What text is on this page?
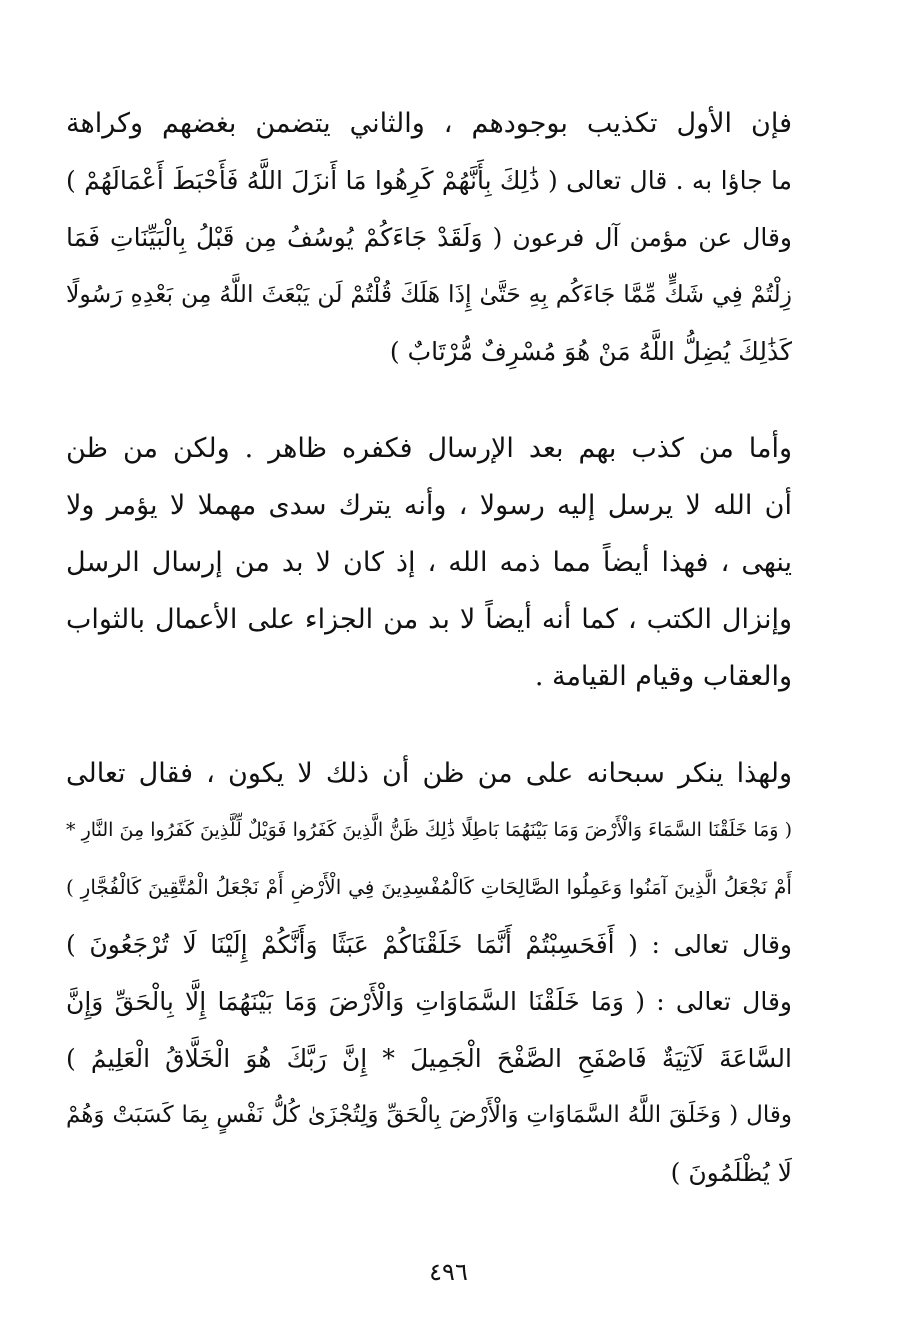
فإن الأول تكذيب بوجودهم ، والثاني يتضمن بغضهم وكراهة
ما جاؤا به . قال تعالى ( ذَٰلِكَ بِأَنَّهُمْ كَرِهُوا مَا أَنزَلَ اللَّهُ فَأَحْبَطَ أَعْمَالَهُمْ )
وقال عن مؤمن آل فرعون ( وَلَقَدْ جَاءَكُمْ يُوسُفُ مِن قَبْلُ بِالْبَيِّنَاتِ فَمَا
زِلْتُمْ فِي شَكٍّ مِّمَّا جَاءَكُم بِهِ حَتَّىٰ إِذَا هَلَكَ قُلْتُمْ لَن يَبْعَثَ اللَّهُ مِن بَعْدِهِ رَسُولًا
كَذَٰلِكَ يُضِلُّ اللَّهُ مَنْ هُوَ مُسْرِفٌ مُّرْتَابٌ )
وأما من كذب بهم بعد الإرسال فكفره ظاهر . ولكن من ظن
أن الله لا يرسل إليه رسولا ، وأنه يترك سدى مهملا لا يؤمر ولا
ينهى ، فهذا أيضاً مما ذمه الله ، إذ كان لا بد من إرسال الرسل
وإنزال الكتب ، كما أنه أيضاً لا بد من الجزاء على الأعمال بالثواب
والعقاب وقيام القيامة .
ولهذا ينكر سبحانه على من ظن أن ذلك لا يكون ، فقال تعالى
( وَمَا خَلَقْنَا السَّمَاءَ وَالْأَرْضَ وَمَا بَيْنَهُمَا بَاطِلًا ذَٰلِكَ ظَنُّ الَّذِينَ كَفَرُوا فَوَيْلٌ لِّلَّذِينَ كَفَرُوا مِنَ النَّارِ *
أَمْ نَجْعَلُ الَّذِينَ آمَنُوا وَعَمِلُوا الصَّالِحَاتِ كَالْمُفْسِدِينَ فِي الْأَرْضِ أَمْ نَجْعَلُ الْمُتَّقِينَ كَالْفُجَّارِ )
وقال تعالى : ( أَفَحَسِبْتُمْ أَنَّمَا خَلَقْنَاكُمْ عَبَثًا وَأَنَّكُمْ إِلَيْنَا لَا تُرْجَعُونَ )
وقال تعالى : ( وَمَا خَلَقْنَا السَّمَاوَاتِ وَالْأَرْضَ وَمَا بَيْنَهُمَا إِلَّا بِالْحَقِّ وَإِنَّ
السَّاعَةَ لَآتِيَةٌ فَاصْفَحِ الصَّفْحَ الْجَمِيلَ * إِنَّ رَبَّكَ هُوَ الْخَلَّاقُ الْعَلِيمُ )
وقال ( وَخَلَقَ اللَّهُ السَّمَاوَاتِ وَالْأَرْضَ بِالْحَقِّ وَلِتُجْزَىٰ كُلُّ نَفْسٍ بِمَا كَسَبَتْ وَهُمْ
لَا يُظْلَمُونَ )
٤٩٦
